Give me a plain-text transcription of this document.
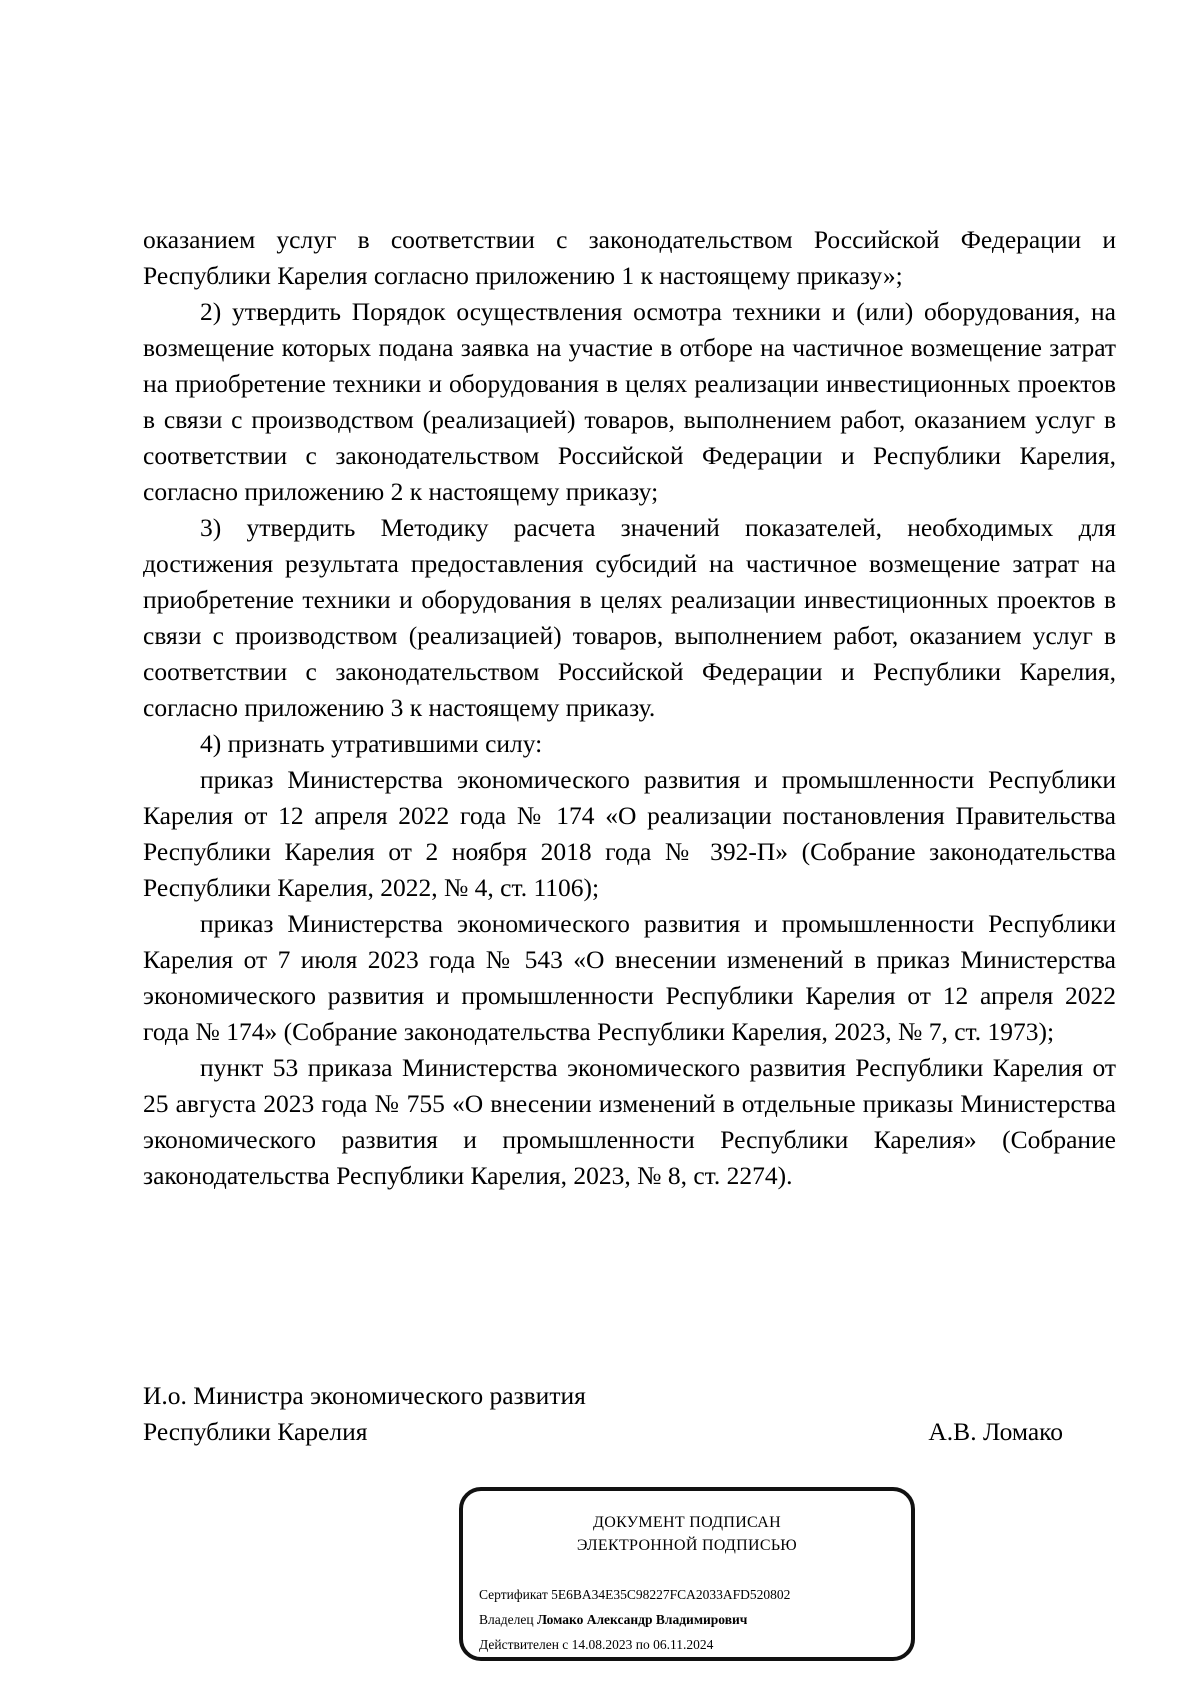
оказанием услуг в соответствии с законодательством Российской Федерации и Республики Карелия согласно приложению 1 к настоящему приказу»;

2) утвердить Порядок осуществления осмотра техники и (или) оборудования, на возмещение которых подана заявка на участие в отборе на частичное возмещение затрат на приобретение техники и оборудования в целях реализации инвестиционных проектов в связи с производством (реализацией) товаров, выполнением работ, оказанием услуг в соответствии с законодательством Российской Федерации и Республики Карелия, согласно приложению 2 к настоящему приказу;

3) утвердить Методику расчета значений показателей, необходимых для достижения результата предоставления субсидий на частичное возмещение затрат на приобретение техники и оборудования в целях реализации инвестиционных проектов в связи с производством (реализацией) товаров, выполнением работ, оказанием услуг в соответствии с законодательством Российской Федерации и Республики Карелия, согласно приложению 3 к настоящему приказу.

4) признать утратившими силу:

приказ Министерства экономического развития и промышленности Республики Карелия от 12 апреля 2022 года № 174 «О реализации постановления Правительства Республики Карелия от 2 ноября 2018 года № 392-П» (Собрание законодательства Республики Карелия, 2022, № 4, ст. 1106);

приказ Министерства экономического развития и промышленности Республики Карелия от 7 июля 2023 года № 543 «О внесении изменений в приказ Министерства экономического развития и промышленности Республики Карелия от 12 апреля 2022 года № 174» (Собрание законодательства Республики Карелия, 2023, № 7, ст. 1973);

пункт 53 приказа Министерства экономического развития Республики Карелия от 25 августа 2023 года № 755 «О внесении изменений в отдельные приказы Министерства экономического развития и промышленности Республики Карелия» (Собрание законодательства Республики Карелия, 2023, № 8, ст. 2274).

И.о. Министра экономического развития
Республики Карелия	А.В. Ломако
ДОКУМЕНТ ПОДПИСАН
ЭЛЕКТРОННОЙ ПОДПИСЬЮ
Сертификат 5E6BA34E35C98227FCA2033AFD520802
Владелец Ломако Александр Владимирович
Действителен с 14.08.2023 по 06.11.2024
